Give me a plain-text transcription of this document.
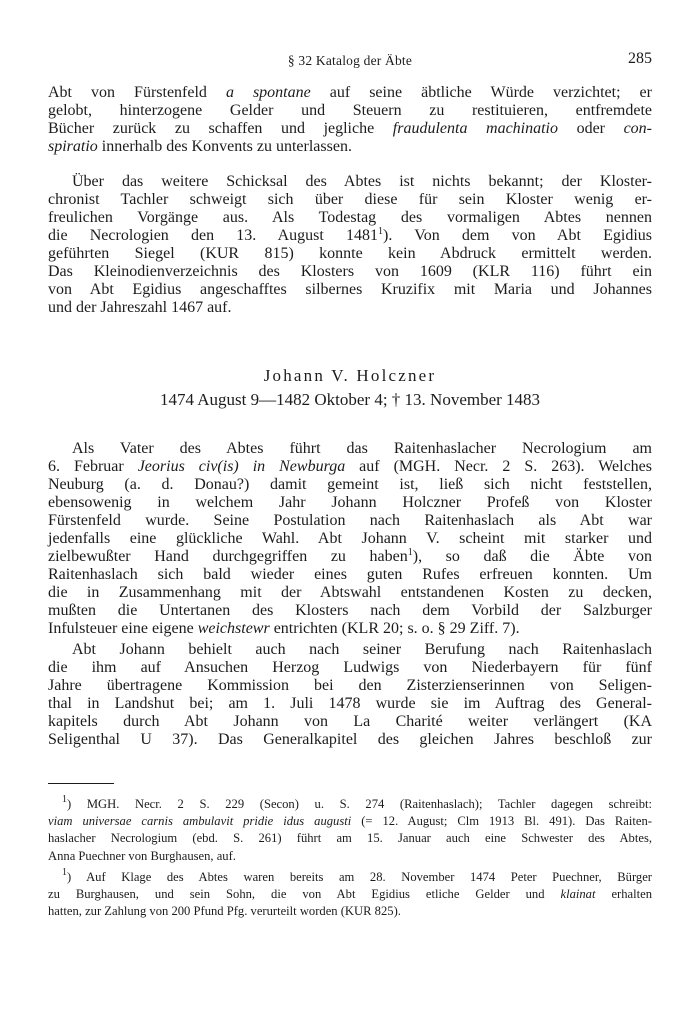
§ 32 Katalog der Äbte	285
Abt von Fürstenfeld a spontane auf seine äbtliche Würde verzichtet; er
gelobt, hinterzogene Gelder und Steuern zu restituieren, entfremdete
Bücher zurück zu schaffen und jegliche fraudulenta machinatio oder con-
spiratio innerhalb des Konvents zu unterlassen.
Über das weitere Schicksal des Abtes ist nichts bekannt; der Kloster-
chronist Tachler schweigt sich über diese für sein Kloster wenig er-
freulichen Vorgänge aus. Als Todestag des vormaligen Abtes nennen
die Necrologien den 13. August 1481$^1$). Von dem von Abt Egidius
geführten Siegel (KUR 815) konnte kein Abdruck ermittelt werden.
Das Kleinodienverzeichnis des Klosters von 1609 (KLR 116) führt ein
von Abt Egidius angeschafftes silbernes Kruzifix mit Maria und Johannes
und der Jahreszahl 1467 auf.
Johann V. Holczner
1474 August 9—1482 Oktober 4; † 13. November 1483
Als Vater des Abtes führt das Raitenhaslacher Necrologium am
6. Februar Jeorius civ(is) in Newburga auf (MGH. Necr. 2 S. 263). Welches
Neuburg (a. d. Donau?) damit gemeint ist, ließ sich nicht feststellen,
ebensowenig in welchem Jahr Johann Holczner Profeß von Kloster
Fürstenfeld wurde. Seine Postulation nach Raitenhaslach als Abt war
jedenfalls eine glückliche Wahl. Abt Johann V. scheint mit starker und
zielbewußter Hand durchgegriffen zu haben$^1$), so daß die Äbte von
Raitenhaslach sich bald wieder eines guten Rufes erfreuen konnten. Um
die in Zusammenhang mit der Abtswahl entstandenen Kosten zu decken,
mußten die Untertanen des Klosters nach dem Vorbild der Salzburger
Infulsteuer eine eigene weichstewr entrichten (KLR 20; s. o. § 29 Ziff. 7).
Abt Johann behielt auch nach seiner Berufung nach Raitenhaslach
die ihm auf Ansuchen Herzog Ludwigs von Niederbayern für fünf
Jahre übertragene Kommission bei den Zisterzienserinnen von Seligen-
thal in Landshut bei; am 1. Juli 1478 wurde sie im Auftrag des General-
kapitels durch Abt Johann von La Charité weiter verlängert (KA
Seligenthal U 37). Das Generalkapitel des gleichen Jahres beschloß zur
$^1$) MGH. Necr. 2 S. 229 (Secon) u. S. 274 (Raitenhaslach); Tachler dagegen schreibt:
viam universae carnis ambulavit pridie idus augusti (= 12. August; Clm 1913 Bl. 491). Das Raiten-
haslacher Necrologium (ebd. S. 261) führt am 15. Januar auch eine Schwester des Abtes,
Anna Puechner von Burghausen, auf.
$^1$) Auf Klage des Abtes waren bereits am 28. November 1474 Peter Puechner, Bürger
zu Burghausen, und sein Sohn, die von Abt Egidius etliche Gelder und klainat erhalten
hatten, zur Zahlung von 200 Pfund Pfg. verurteilt worden (KUR 825).
